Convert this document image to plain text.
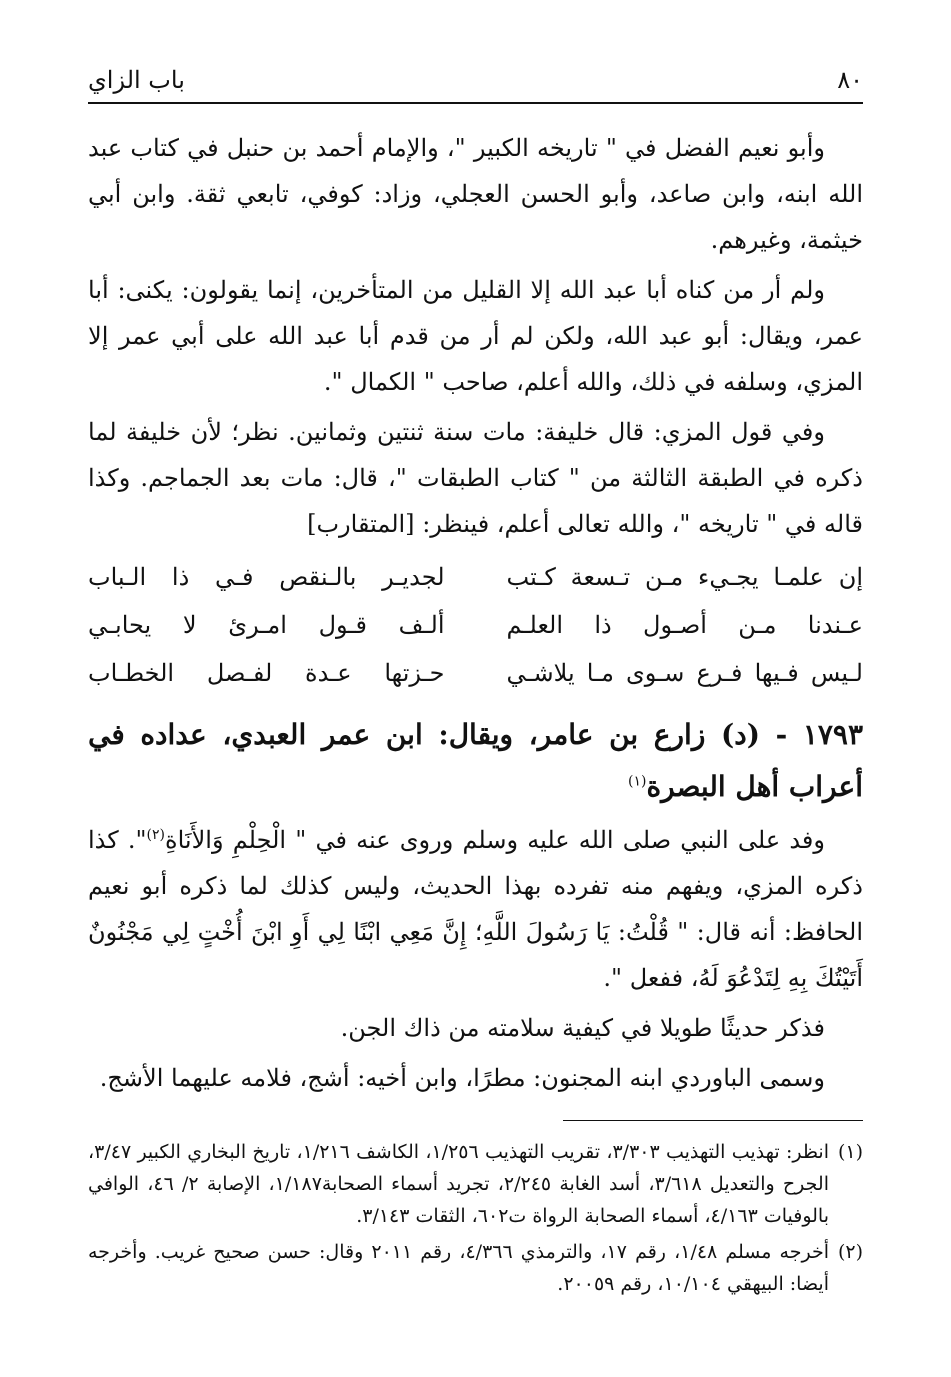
٨٠
باب الزاي

وأبو نعيم الفضل في " تاريخه الكبير "، والإمام أحمد بن حنبل في كتاب عبد الله ابنه، وابن صاعد، وأبو الحسن العجلي، وزاد: كوفي، تابعي ثقة. وابن أبي خيثمة، وغيرهم.

ولم أر من كناه أبا عبد الله إلا القليل من المتأخرين، إنما يقولون: يكنى: أبا عمر، ويقال: أبو عبد الله، ولكن لم أر من قدم أبا عبد الله على أبي عمر إلا المزي، وسلفه في ذلك، والله أعلم، صاحب " الكمال ".

وفي قول المزي: قال خليفة: مات سنة ثنتين وثمانين. نظر؛ لأن خليفة لما ذكره في الطبقة الثالثة من " كتاب الطبقات "، قال: مات بعد الجماجم. وكذا قاله في " تاريخه "، والله تعالى أعلم، فينظر: [المتقارب]

إن علمـا يجـيء مـن تـسعة كـتب
لجديـر بالـنقص فـي ذا الـباب
عـندنا مـن أصـول ذا العلـم
ألـف قـول امـرئ لا يحابـي
لـيس فـيها فـرع سـوى مـا يلاشـي
حـزتها عـدة لفـصل الخطـاب
١٧٩٣ - (د) زارع بن عامر، ويقال: ابن عمر العبدي، عداده في أعراب أهل البصرة$^{(١)}$

وفد على النبي صلى الله عليه وسلم وروى عنه في " الْحِلْمِ وَالأَنَاةِ$^{(٢)}$". كذا ذكره المزي، ويفهم منه تفرده بهذا الحديث، وليس كذلك لما ذكره أبو نعيم الحافظ: أنه قال: " قُلْتُ: يَا رَسُولَ اللَّهِ؛ إِنَّ مَعِي ابْنًا لِي أَوِ ابْنَ أُخْتٍ لِي مَجْنُونٌ أَتَيْتُكَ بِهِ لِتَدْعُوَ لَهُ، ففعل ".

فذكر حديثًا طويلا في كيفية سلامته من ذاك الجن.

وسمى الباوردي ابنه المجنون: مطرًا، وابن أخيه: أشج، فلامه عليهما الأشج.

(١)
انظر: تهذيب التهذيب ٣/٣٠٣، تقريب التهذيب ١/٢٥٦، الكاشف ١/٢١٦، تاريخ البخاري الكبير ٣/٤٧، الجرح والتعديل ٣/٦١٨، أسد الغابة ٢/٢٤٥، تجريد أسماء الصحابة١/١٨٧، الإصابة ٢/ ٤٦، الوافي بالوفيات ٤/١٦٣، أسماء الصحابة الرواة ت٦٠٢، الثقات ٣/١٤٣.

(٢)
أخرجه مسلم ١/٤٨، رقم ١٧، والترمذي ٤/٣٦٦، رقم ٢٠١١ وقال: حسن صحيح غريب. وأخرجه أيضا: البيهقي ١٠/١٠٤، رقم ٢٠٠٥٩.
